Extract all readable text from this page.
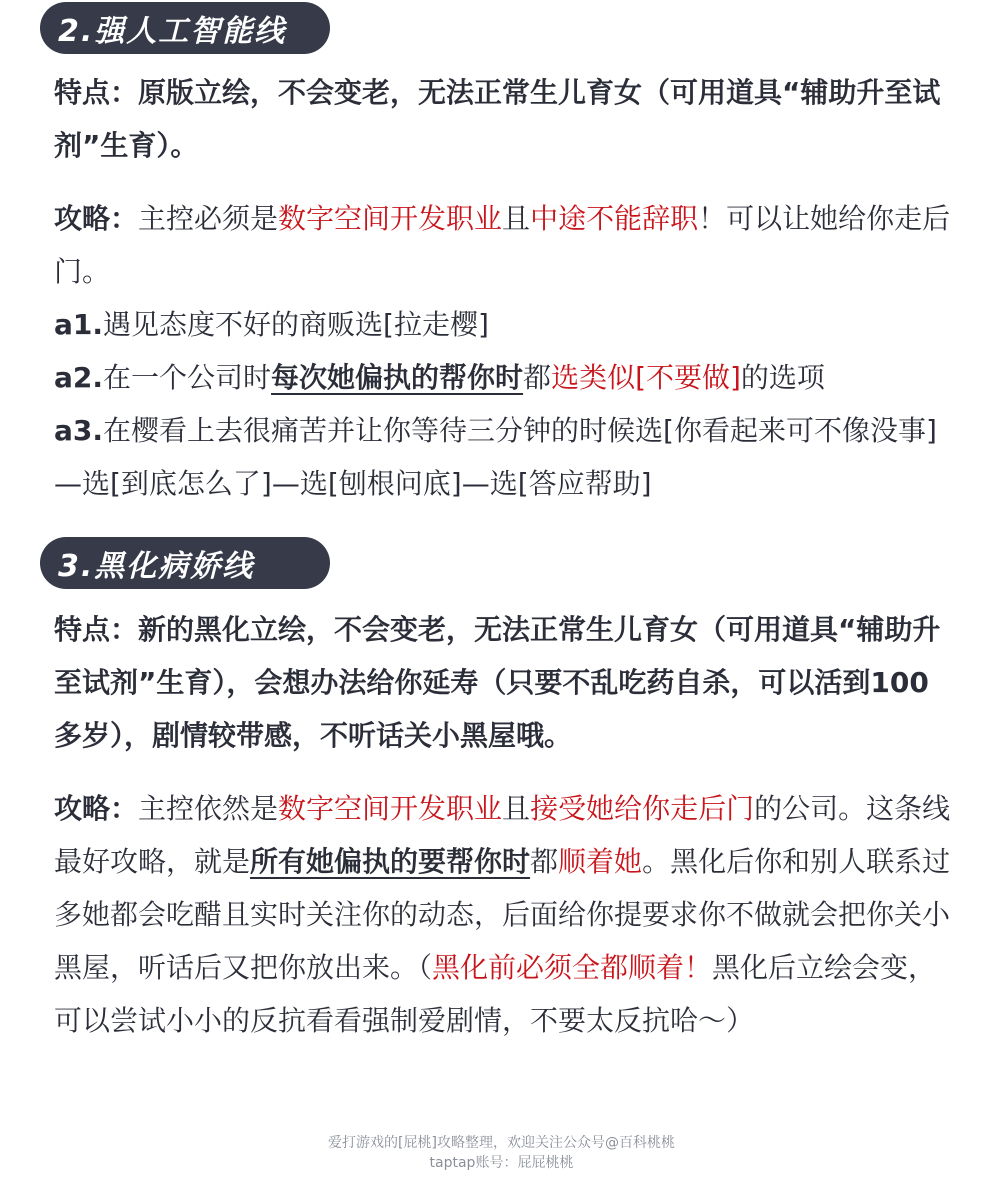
2.强人工智能线

特点：原版立绘，不会变老，无法正常生儿育女（可用道具“辅助升至试剂”生育）。

攻略：主控必须是数字空间开发职业且中途不能辞职！可以让她给你走后门。

a1.遇见态度不好的商贩选[拉走樱]

a2.在一个公司时每次她偏执的帮你时都选类似[不要做]的选项

a3.在樱看上去很痛苦并让你等待三分钟的时候选[你看起来可不像没事]—选[到底怎么了]—选[刨根问底]—选[答应帮助]

3.黑化病娇线

特点：新的黑化立绘，不会变老，无法正常生儿育女（可用道具“辅助升至试剂”生育），会想办法给你延寿（只要不乱吃药自杀，可以活到100多岁），剧情较带感，不听话关小黑屋哦。

攻略：主控依然是数字空间开发职业且接受她给你走后门的公司。这条线最好攻略，就是所有她偏执的要帮你时都顺着她。黑化后你和别人联系过多她都会吃醋且实时关注你的动态，后面给你提要求你不做就会把你关小黑屋，听话后又把你放出来。（黑化前必须全都顺着！黑化后立绘会变，可以尝试小小的反抗看看强制爱剧情，不要太反抗哈～）

爱打游戏的[屁桃]攻略整理，欢迎关注公众号@百科桃桃
taptap账号：屁屁桃桃
